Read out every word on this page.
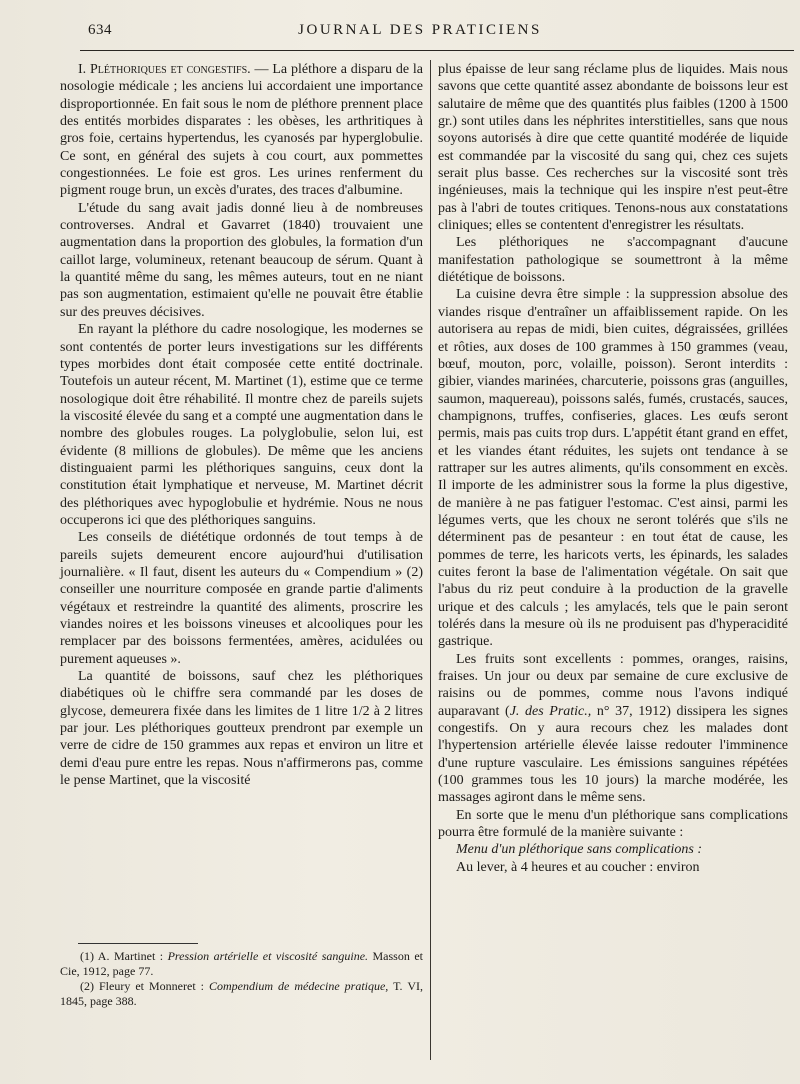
634	JOURNAL DES PRATICIENS

I. Pléthoriques et congestifs. — La pléthore a disparu de la nosologie médicale ; les anciens lui accordaient une importance disproportionnée. En fait sous le nom de pléthore prennent place des entités morbides disparates : les obèses, les arthritiques à gros foie, certains hypertendus, les cyanosés par hyperglobulie. Ce sont, en général des sujets à cou court, aux pommettes congestionnées. Le foie est gros. Les urines renferment du pigment rouge brun, un excès d'urates, des traces d'albumine.

L'étude du sang avait jadis donné lieu à de nombreuses controverses. Andral et Gavarret (1840) trouvaient une augmentation dans la proportion des globules, la formation d'un caillot large, volumineux, retenant beaucoup de sérum. Quant à la quantité même du sang, les mêmes auteurs, tout en ne niant pas son augmentation, estimaient qu'elle ne pouvait être établie sur des preuves décisives.

En rayant la pléthore du cadre nosologique, les modernes se sont contentés de porter leurs investigations sur les différents types morbides dont était composée cette entité doctrinale. Toutefois un auteur récent, M. Martinet (1), estime que ce terme nosologique doit être réhabilité. Il montre chez de pareils sujets la viscosité élevée du sang et a compté une augmentation dans le nombre des globules rouges. La polyglobulie, selon lui, est évidente (8 millions de globules). De même que les anciens distinguaient parmi les pléthoriques sanguins, ceux dont la constitution était lymphatique et nerveuse, M. Martinet décrit des pléthoriques avec hypoglobulie et hydrémie. Nous ne nous occuperons ici que des pléthoriques sanguins.

Les conseils de diététique ordonnés de tout temps à de pareils sujets demeurent encore aujourd'hui d'utilisation journalière. « Il faut, disent les auteurs du « Compendium » (2) conseiller une nourriture composée en grande partie d'aliments végétaux et restreindre la quantité des aliments, proscrire les viandes noires et les boissons vineuses et alcooliques pour les remplacer par des boissons fermentées, amères, acidulées ou purement aqueuses ».

La quantité de boissons, sauf chez les pléthoriques diabétiques où le chiffre sera commandé par les doses de glycose, demeurera fixée dans les limites de 1 litre 1/2 à 2 litres par jour. Les pléthoriques goutteux prendront par exemple un verre de cidre de 150 grammes aux repas et environ un litre et demi d'eau pure entre les repas. Nous n'affirmerons pas, comme le pense Martinet, que la viscosité

(1) A. Martinet : Pression artérielle et viscosité sanguine. Masson et Cie, 1912, page 77.

(2) Fleury et Monneret : Compendium de médecine pratique, T. VI, 1845, page 388.

plus épaisse de leur sang réclame plus de liquides. Mais nous savons que cette quantité assez abondante de boissons leur est salutaire de même que des quantités plus faibles (1200 à 1500 gr.) sont utiles dans les néphrites interstitielles, sans que nous soyons autorisés à dire que cette quantité modérée de liquide est commandée par la viscosité du sang qui, chez ces sujets serait plus basse. Ces recherches sur la viscosité sont très ingénieuses, mais la technique qui les inspire n'est peut-être pas à l'abri de toutes critiques. Tenons-nous aux constatations cliniques; elles se contentent d'enregistrer les résultats.

Les pléthoriques ne s'accompagnant d'aucune manifestation pathologique se soumettront à la même diététique de boissons.

La cuisine devra être simple : la suppression absolue des viandes risque d'entraîner un affaiblissement rapide. On les autorisera au repas de midi, bien cuites, dégraissées, grillées et rôties, aux doses de 100 grammes à 150 grammes (veau, bœuf, mouton, porc, volaille, poisson). Seront interdits : gibier, viandes marinées, charcuterie, poissons gras (anguilles, saumon, maquereau), poissons salés, fumés, crustacés, sauces, champignons, truffes, confiseries, glaces. Les œufs seront permis, mais pas cuits trop durs. L'appétit étant grand en effet, et les viandes étant réduites, les sujets ont tendance à se rattraper sur les autres aliments, qu'ils consomment en excès. Il importe de les administrer sous la forme la plus digestive, de manière à ne pas fatiguer l'estomac. C'est ainsi, parmi les légumes verts, que les choux ne seront tolérés que s'ils ne déterminent pas de pesanteur : en tout état de cause, les pommes de terre, les haricots verts, les épinards, les salades cuites feront la base de l'alimentation végétale. On sait que l'abus du riz peut conduire à la production de la gravelle urique et des calculs ; les amylacés, tels que le pain seront tolérés dans la mesure où ils ne produisent pas d'hyperacidité gastrique.

Les fruits sont excellents : pommes, oranges, raisins, fraises. Un jour ou deux par semaine de cure exclusive de raisins ou de pommes, comme nous l'avons indiqué auparavant (J. des Pratic., n° 37, 1912) dissipera les signes congestifs. On y aura recours chez les malades dont l'hypertension artérielle élevée laisse redouter l'imminence d'une rupture vasculaire. Les émissions sanguines répétées (100 grammes tous les 10 jours) la marche modérée, les massages agiront dans le même sens.

En sorte que le menu d'un pléthorique sans complications pourra être formulé de la manière suivante :

Menu d'un pléthorique sans complications :

Au lever, à 4 heures et au coucher : environ
